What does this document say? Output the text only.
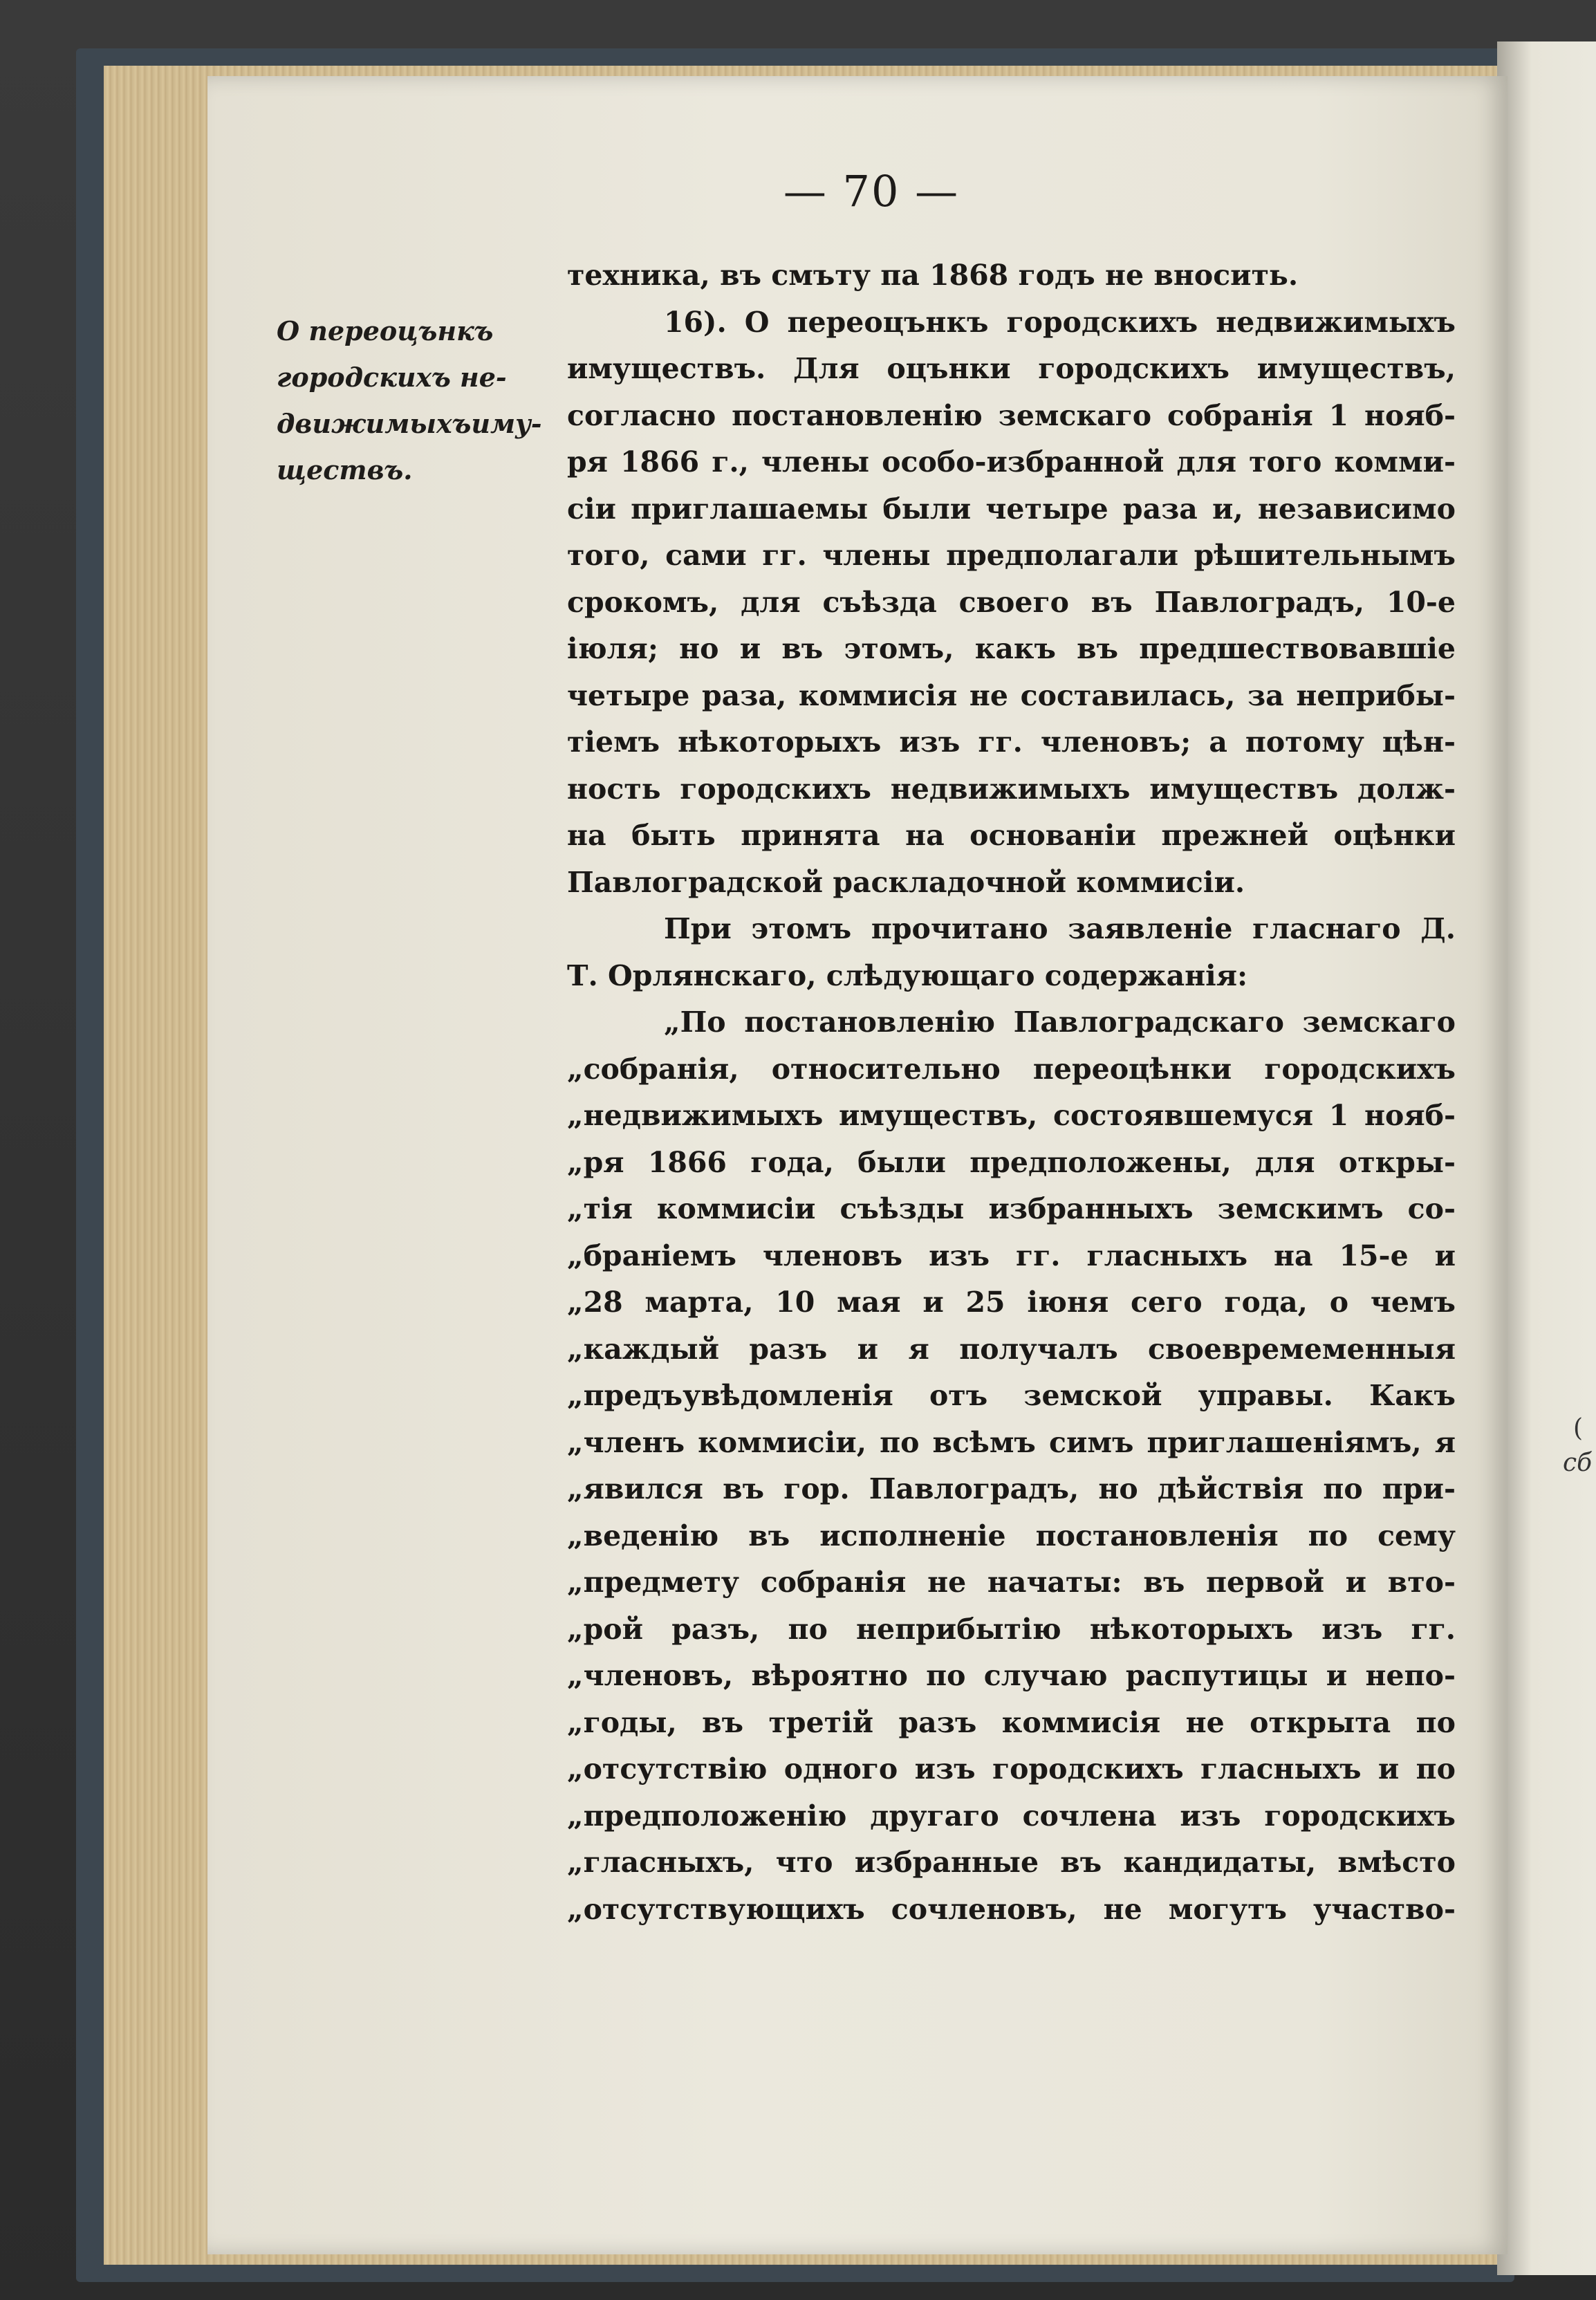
(
сб
— 70 —
О переоцънкъ
городскихъ не-
движимыхъиму-
ществъ.
техника, въ смъту па 1868 годъ не вносить.
16). О переоцънкъ городскихъ недвижимыхъ
имуществъ. Для оцънки городскихъ имуществъ,
согласно постановленію земскаго собранія 1 нояб-
ря 1866 г., члены особо-избранной для того комми-
сіи приглашаемы были четыре раза и, независимо
того, сами гг. члены предполагали рѣшительнымъ
срокомъ, для съѣзда своего въ Павлоградъ, 10-е
іюля; но и въ этомъ, какъ въ предшествовавшіе
четыре раза, коммисія не составилась, за неприбы-
тіемъ нѣкоторыхъ изъ гг. членовъ; а потому цѣн-
ность городскихъ недвижимыхъ имуществъ долж-
на быть принята на основаніи прежней оцѣнки
Павлоградской раскладочной коммисіи.
При этомъ прочитано заявленіе гласнаго Д.
Т. Орлянскаго, слѣдующаго содержанія:
„По постановленію Павлоградскаго земскаго
„собранія, относительно переоцѣнки городскихъ
„недвижимыхъ имуществъ, состоявшемуся 1 нояб-
„ря 1866 года, были предположены, для откры-
„тія коммисіи съѣзды избранныхъ земскимъ со-
„браніемъ членовъ изъ гг. гласныхъ на 15-е и
„28 марта, 10 мая и 25 іюня сего года, о чемъ
„каждый разъ и я получалъ своевремеменныя
„предъувѣдомленія отъ земской управы. Какъ
„членъ коммисіи, по всѣмъ симъ приглашеніямъ, я
„явился въ гор. Павлоградъ, но дѣйствія по при-
„веденію въ исполненіе постановленія по сему
„предмету собранія не начаты: въ первой и вто-
„рой разъ, по неприбытію нѣкоторыхъ изъ гг.
„членовъ, вѣроятно по случаю распутицы и непо-
„годы, въ третій разъ коммисія не открыта по
„отсутствію одного изъ городскихъ гласныхъ и по
„предположенію другаго сочлена изъ городскихъ
„гласныхъ, что избранные въ кандидаты, вмѣсто
„отсутствующихъ сочленовъ, не могутъ участво-
